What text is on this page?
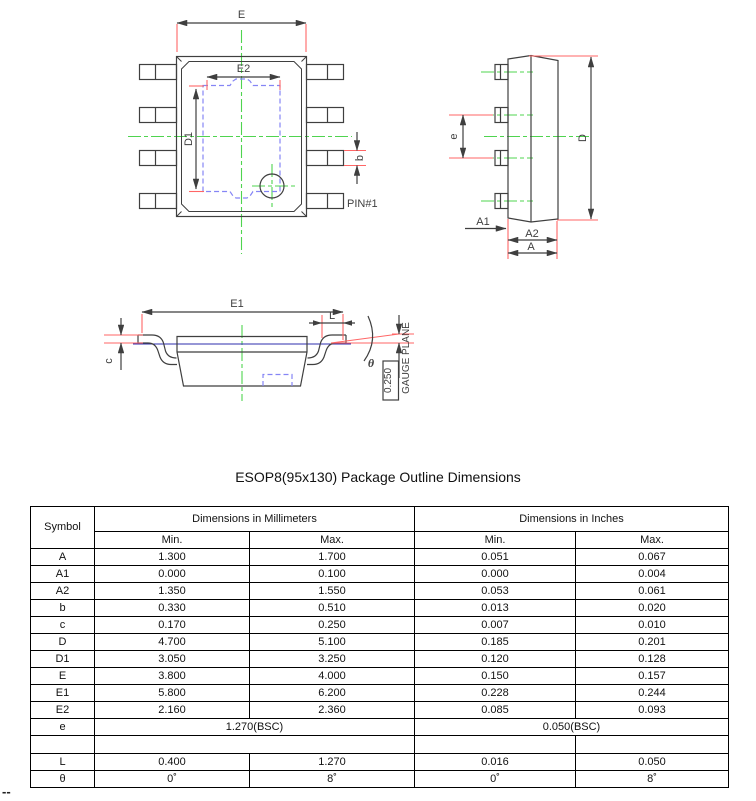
E
E2
D1
b
PIN#1
e	D
A1
A2
A
E1
L
c	θ
0.250 GAUGE PLANE
ESOP8(95x130) Package Outline Dimensions
Symbol	Dimensions in Millimeters		Dimensions in Inches	
	Min.	Max.	Min.	Max.
A	1.300	1.700	0.051	0.067
A1	0.000	0.100	0.000	0.004
A2	1.350	1.550	0.053	0.061
b	0.330	0.510	0.013	0.020
c	0.170	0.250	0.007	0.010
D	4.700	5.100	0.185	0.201
D1	3.050	3.250	0.120	0.128
E	3.800	4.000	0.150	0.157
E1	5.800	6.200	0.228	0.244
E2	2.160	2.360	0.085	0.093
e	1.270(BSC)		0.050(BSC)	

L	0.400	1.270	0.016	0.050
θ	0˚	8˚	0˚	8˚
--
